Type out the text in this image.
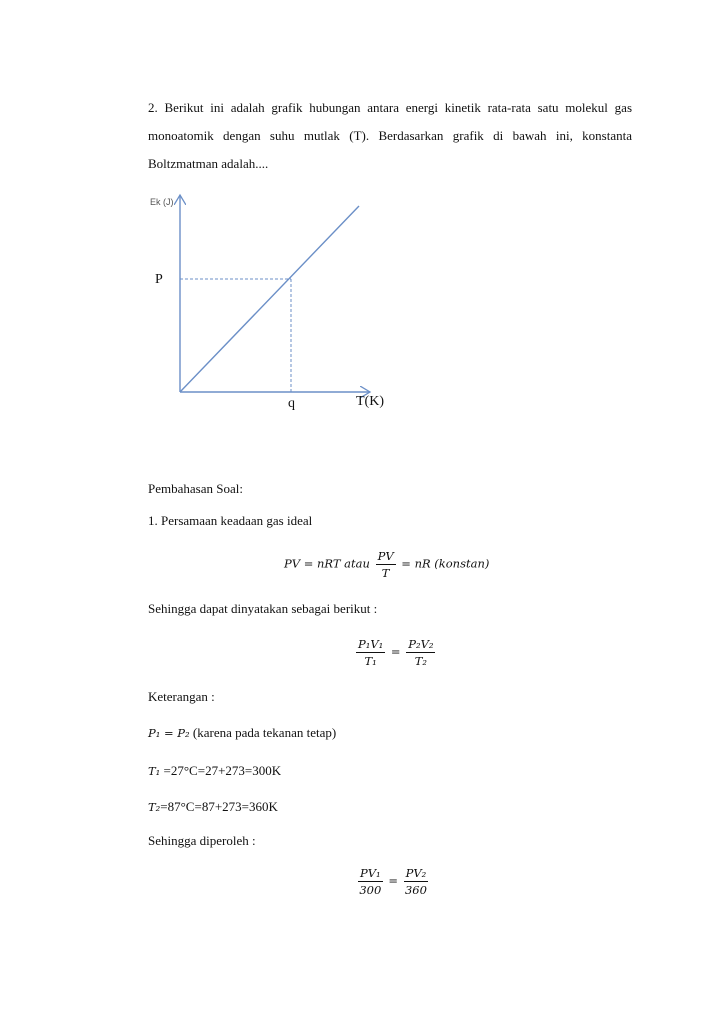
2. Berikut ini adalah grafik hubungan antara energi kinetik rata-rata satu molekul gas
monoatomik dengan suhu mutlak (T). Berdasarkan grafik di bawah ini, konstanta
Boltzmatman adalah....
Ek (J)
P
q	T(K)
Pembahasan Soal:
1. Persamaan keadaan gas ideal
PV = nRT atau $\frac{PV}{T}$ = nR (konstan)
Sehingga dapat dinyatakan sebagai berikut :
$\frac{\text{P₁V₁}}{\text{T₁}} = \frac{\text{P₂V₂}}{\text{T₂}}$
Keterangan :
P₁ = P₂ (karena pada tekanan tetap)
T₁ =27°C=27+273=300K
T₂=87°C=87+273=360K
Sehingga diperoleh :
$\frac{\text{PV₁}}{300} = \frac{\text{PV₂}}{360}$
